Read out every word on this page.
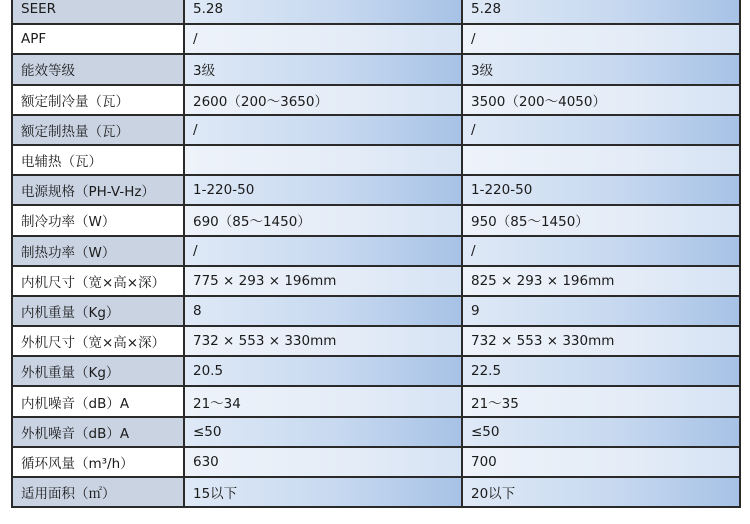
SEER	5.28	5.28
APF	/	/
能效等级	3级	3级
额定制冷量（瓦）	2600（200～3650）	3500（200～4050）
额定制热量（瓦）	/	/
电辅热（瓦）		
电源规格（PH-V-Hz）	1-220-50	1-220-50
制冷功率（W）	690（85～1450）	950（85～1450）
制热功率（W）	/	/
内机尺寸（宽×高×深）	775 × 293 × 196mm	825 × 293 × 196mm
内机重量（Kg）	8	9
外机尺寸（宽×高×深）	732 × 553 × 330mm	732 × 553 × 330mm
外机重量（Kg）	20.5	22.5
内机噪音（dB）A	21～34	21～35
外机噪音（dB）A	≤50	≤50
循环风量（m³/h）	630	700
适用面积（㎡）	15以下	20以下
